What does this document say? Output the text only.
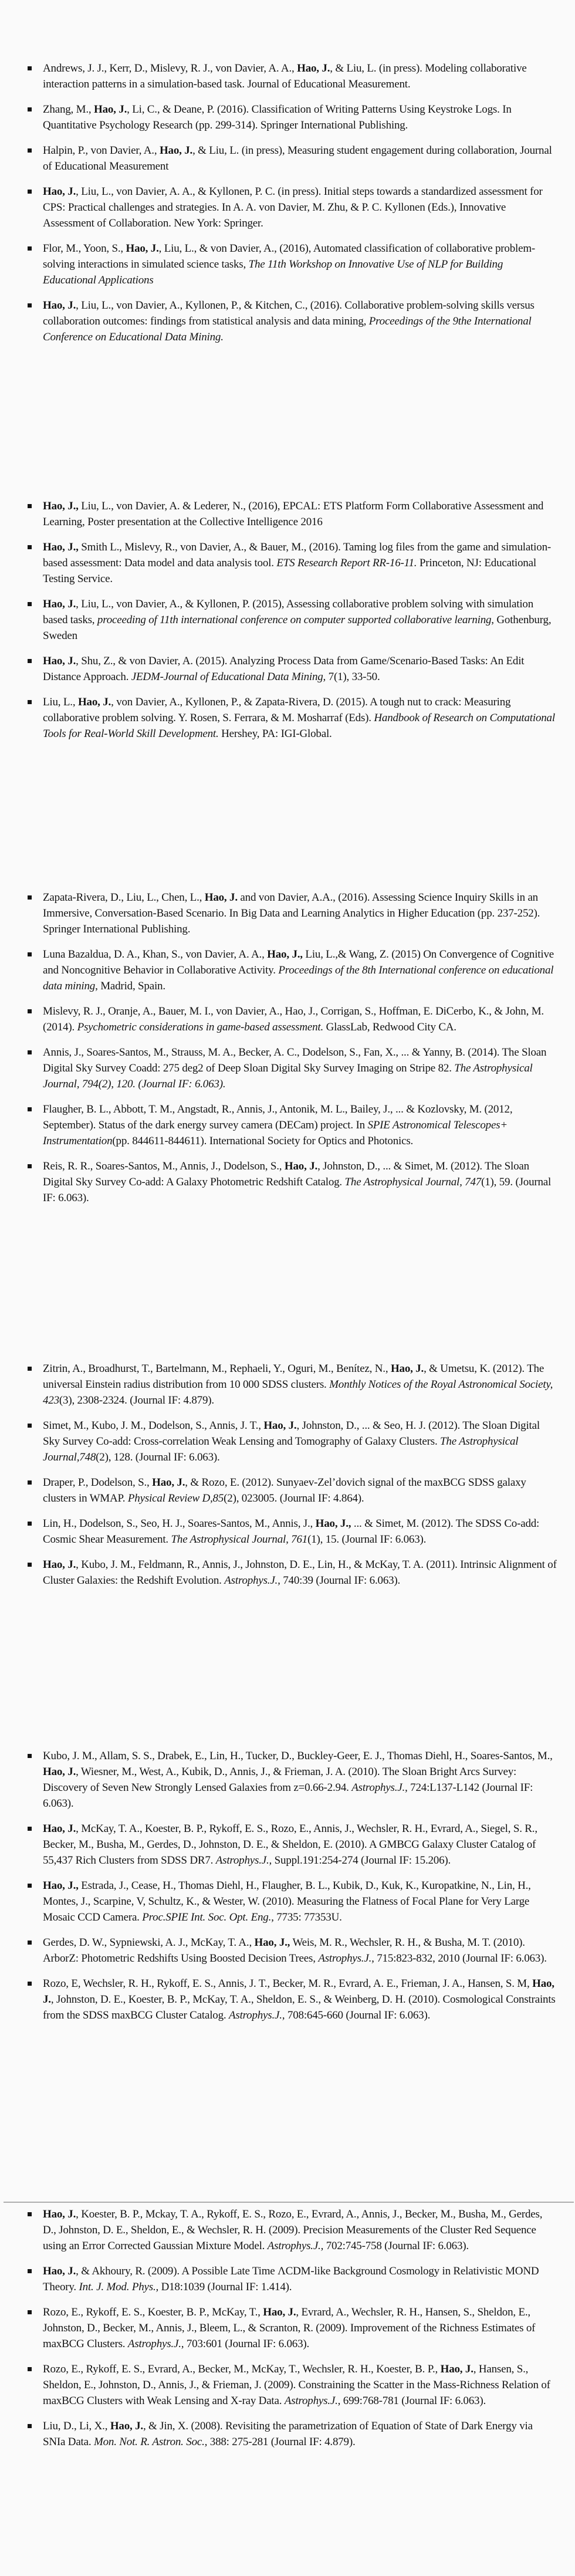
Andrews, J. J., Kerr, D., Mislevy, R. J., von Davier, A. A., Hao, J., & Liu, L. (in press). Modeling collaborative interaction patterns in a simulation-based task. Journal of Educational Measurement.
Zhang, M., Hao, J., Li, C., & Deane, P. (2016). Classification of Writing Patterns Using Keystroke Logs. In Quantitative Psychology Research (pp. 299-314). Springer International Publishing.
Halpin, P., von Davier, A., Hao, J., & Liu, L. (in press), Measuring student engagement during collaboration, Journal of Educational Measurement
Hao, J., Liu, L., von Davier, A. A., & Kyllonen, P. C. (in press). Initial steps towards a standardized assessment for CPS: Practical challenges and strategies. In A. A. von Davier, M. Zhu, & P. C. Kyllonen (Eds.), Innovative Assessment of Collaboration. New York: Springer.
Flor, M., Yoon, S., Hao, J., Liu, L., & von Davier, A., (2016), Automated classification of collaborative problem-solving interactions in simulated science tasks, The 11th Workshop on Innovative Use of NLP for Building Educational Applications
Hao, J., Liu, L., von Davier, A., Kyllonen, P., & Kitchen, C., (2016). Collaborative problem-solving skills versus collaboration outcomes: findings from statistical analysis and data mining, Proceedings of the 9the International Conference on Educational Data Mining.
Hao, J., Liu, L., von Davier, A. & Lederer, N., (2016), EPCAL: ETS Platform Form Collaborative Assessment and Learning, Poster presentation at the Collective Intelligence 2016
Hao, J., Smith L., Mislevy, R., von Davier, A., & Bauer, M., (2016). Taming log files from the game and simulation-based assessment: Data model and data analysis tool. ETS Research Report RR-16-11. Princeton, NJ: Educational Testing Service.
Hao, J., Liu, L., von Davier, A., & Kyllonen, P. (2015), Assessing collaborative problem solving with simulation based tasks, proceeding of 11th international conference on computer supported collaborative learning, Gothenburg, Sweden
Hao, J., Shu, Z., & von Davier, A. (2015). Analyzing Process Data from Game/Scenario-Based Tasks: An Edit Distance Approach. JEDM-Journal of Educational Data Mining, 7(1), 33-50.
Liu, L., Hao, J., von Davier, A., Kyllonen, P., & Zapata-Rivera, D. (2015). A tough nut to crack: Measuring collaborative problem solving. Y. Rosen, S. Ferrara, & M. Mosharraf (Eds). Handbook of Research on Computational Tools for Real-World Skill Development. Hershey, PA: IGI-Global.
Zapata-Rivera, D., Liu, L., Chen, L., Hao, J. and von Davier, A.A., (2016). Assessing Science Inquiry Skills in an Immersive, Conversation-Based Scenario. In Big Data and Learning Analytics in Higher Education (pp. 237-252). Springer International Publishing.
Luna Bazaldua, D. A., Khan, S., von Davier, A. A., Hao, J., Liu, L.,& Wang, Z. (2015) On Convergence of Cognitive and Noncognitive Behavior in Collaborative Activity. Proceedings of the 8th International conference on educational data mining, Madrid, Spain.
Mislevy, R. J., Oranje, A., Bauer, M. I., von Davier, A., Hao, J., Corrigan, S., Hoffman, E. DiCerbo, K., & John, M. (2014). Psychometric considerations in game-based assessment. GlassLab, Redwood City CA.
Annis, J., Soares-Santos, M., Strauss, M. A., Becker, A. C., Dodelson, S., Fan, X., ... & Yanny, B. (2014). The Sloan Digital Sky Survey Coadd: 275 deg2 of Deep Sloan Digital Sky Survey Imaging on Stripe 82. The Astrophysical Journal, 794(2), 120. (Journal IF: 6.063).
Flaugher, B. L., Abbott, T. M., Angstadt, R., Annis, J., Antonik, M. L., Bailey, J., ... & Kozlovsky, M. (2012, September). Status of the dark energy survey camera (DECam) project. In SPIE Astronomical Telescopes+ Instrumentation(pp. 844611-844611). International Society for Optics and Photonics.
Reis, R. R., Soares-Santos, M., Annis, J., Dodelson, S., Hao, J., Johnston, D., ... & Simet, M. (2012). The Sloan Digital Sky Survey Co-add: A Galaxy Photometric Redshift Catalog. The Astrophysical Journal, 747(1), 59. (Journal IF: 6.063).
Zitrin, A., Broadhurst, T., Bartelmann, M., Rephaeli, Y., Oguri, M., Benítez, N., Hao, J., & Umetsu, K. (2012). The universal Einstein radius distribution from 10 000 SDSS clusters. Monthly Notices of the Royal Astronomical Society, 423(3), 2308-2324. (Journal IF: 4.879).
Simet, M., Kubo, J. M., Dodelson, S., Annis, J. T., Hao, J., Johnston, D., ... & Seo, H. J. (2012). The Sloan Digital Sky Survey Co-add: Cross-correlation Weak Lensing and Tomography of Galaxy Clusters. The Astrophysical Journal,748(2), 128. (Journal IF: 6.063).
Draper, P., Dodelson, S., Hao, J., & Rozo, E. (2012). Sunyaev-Zel’dovich signal of the maxBCG SDSS galaxy clusters in WMAP. Physical Review D,85(2), 023005. (Journal IF: 4.864).
Lin, H., Dodelson, S., Seo, H. J., Soares-Santos, M., Annis, J., Hao, J., ... & Simet, M. (2012). The SDSS Co-add: Cosmic Shear Measurement. The Astrophysical Journal, 761(1), 15. (Journal IF: 6.063).
Hao, J., Kubo, J. M., Feldmann, R., Annis, J., Johnston, D. E., Lin, H., & McKay, T. A. (2011). Intrinsic Alignment of Cluster Galaxies: the Redshift Evolution. Astrophys.J., 740:39 (Journal IF: 6.063).
Kubo, J. M., Allam, S. S., Drabek, E., Lin, H., Tucker, D., Buckley-Geer, E. J., Thomas Diehl, H., Soares-Santos, M., Hao, J., Wiesner, M., West, A., Kubik, D., Annis, J., & Frieman, J. A. (2010). The Sloan Bright Arcs Survey: Discovery of Seven New Strongly Lensed Galaxies from z=0.66-2.94. Astrophys.J., 724:L137-L142 (Journal IF: 6.063).
Hao, J., McKay, T. A., Koester, B. P., Rykoff, E. S., Rozo, E., Annis, J., Wechsler, R. H., Evrard, A., Siegel, S. R., Becker, M., Busha, M., Gerdes, D., Johnston, D. E., & Sheldon, E. (2010). A GMBCG Galaxy Cluster Catalog of 55,437 Rich Clusters from SDSS DR7. Astrophys.J., Suppl.191:254-274 (Journal IF: 15.206).
Hao, J., Estrada, J., Cease, H., Thomas Diehl, H., Flaugher, B. L., Kubik, D., Kuk, K., Kuropatkine, N., Lin, H., Montes, J., Scarpine, V, Schultz, K., & Wester, W. (2010). Measuring the Flatness of Focal Plane for Very Large Mosaic CCD Camera. Proc.SPIE Int. Soc. Opt. Eng., 7735: 77353U.
Gerdes, D. W., Sypniewski, A. J., McKay, T. A., Hao, J., Weis, M. R., Wechsler, R. H., & Busha, M. T. (2010). ArborZ: Photometric Redshifts Using Boosted Decision Trees, Astrophys.J., 715:823-832, 2010 (Journal IF: 6.063).
Rozo, E, Wechsler, R. H., Rykoff, E. S., Annis, J. T., Becker, M. R., Evrard, A. E., Frieman, J. A., Hansen, S. M, Hao, J., Johnston, D. E., Koester, B. P., McKay, T. A., Sheldon, E. S., & Weinberg, D. H. (2010). Cosmological Constraints from the SDSS maxBCG Cluster Catalog. Astrophys.J., 708:645-660 (Journal IF: 6.063).
Hao, J., Koester, B. P., Mckay, T. A., Rykoff, E. S., Rozo, E., Evrard, A., Annis, J., Becker, M., Busha, M., Gerdes, D., Johnston, D. E., Sheldon, E., & Wechsler, R. H. (2009). Precision Measurements of the Cluster Red Sequence using an Error Corrected Gaussian Mixture Model. Astrophys.J., 702:745-758 (Journal IF: 6.063).
Hao, J., & Akhoury, R. (2009). A Possible Late Time ΛCDM-like Background Cosmology in Relativistic MOND Theory. Int. J. Mod. Phys., D18:1039 (Journal IF: 1.414).
Rozo, E., Rykoff, E. S., Koester, B. P., McKay, T., Hao, J., Evrard, A., Wechsler, R. H., Hansen, S., Sheldon, E., Johnston, D., Becker, M., Annis, J., Bleem, L., & Scranton, R. (2009). Improvement of the Richness Estimates of maxBCG Clusters. Astrophys.J., 703:601 (Journal IF: 6.063).
Rozo, E., Rykoff, E. S., Evrard, A., Becker, M., McKay, T., Wechsler, R. H., Koester, B. P., Hao, J., Hansen, S., Sheldon, E., Johnston, D., Annis, J., & Frieman, J. (2009). Constraining the Scatter in the Mass-Richness Relation of maxBCG Clusters with Weak Lensing and X-ray Data. Astrophys.J., 699:768-781 (Journal IF: 6.063).
Liu, D., Li, X., Hao, J., & Jin, X. (2008). Revisiting the parametrization of Equation of State of Dark Energy via SNIa Data. Mon. Not. R. Astron. Soc., 388: 275-281 (Journal IF: 4.879).
